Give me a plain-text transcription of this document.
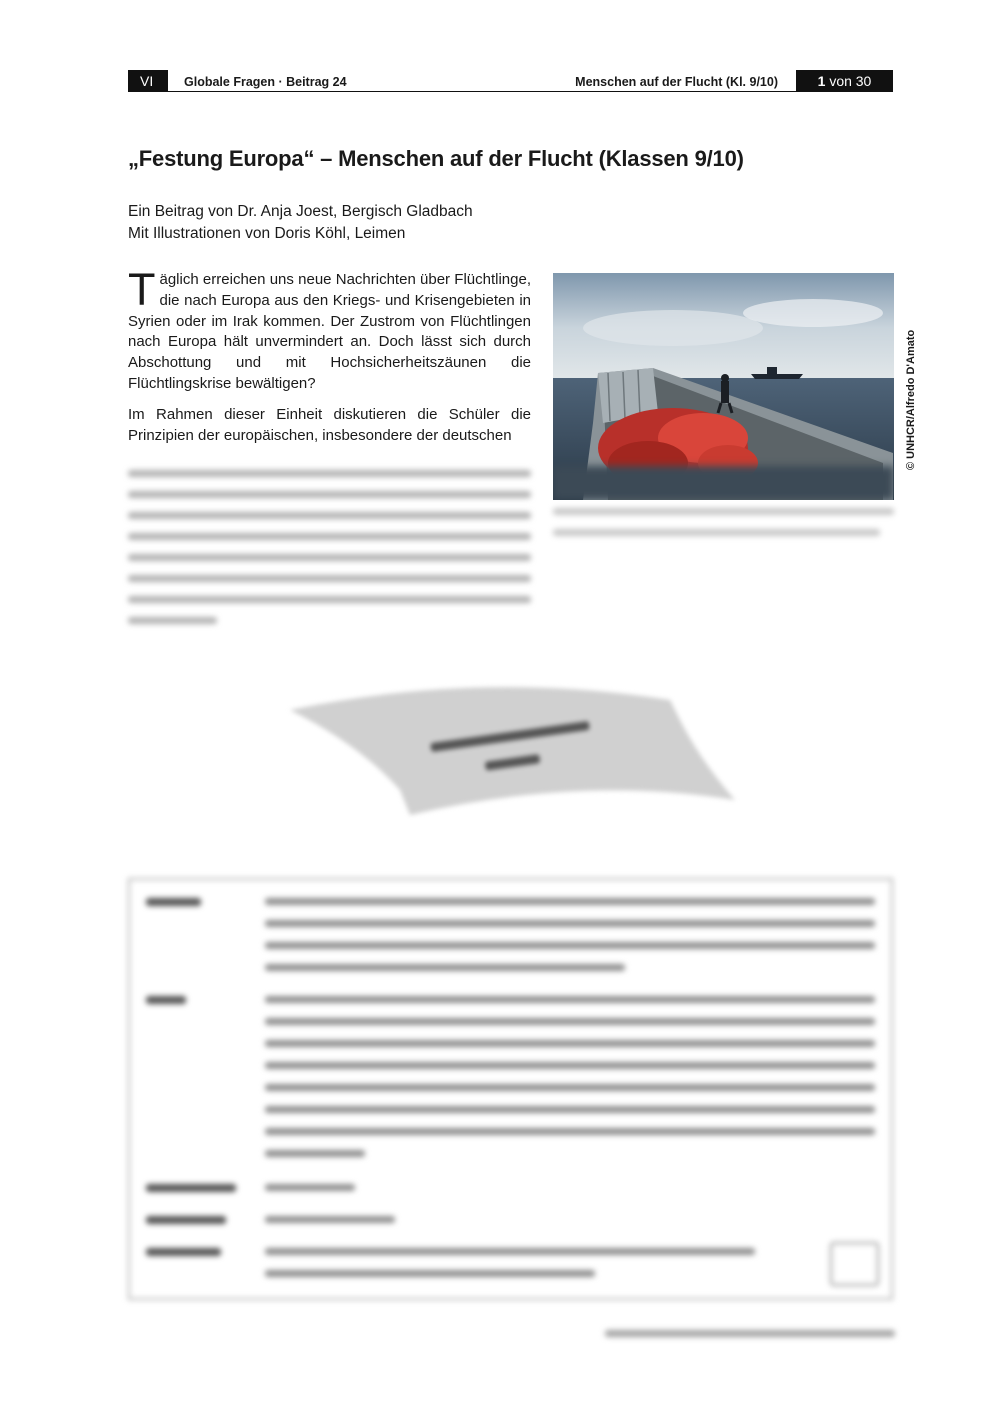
VI	Globale Fragen · Beitrag 24	Menschen auf der Flucht (Kl. 9/10)	1 von 30
„Festung Europa“ – Menschen auf der Flucht (Klassen 9/10)
Ein Beitrag von Dr. Anja Joest, Bergisch Gladbach
Mit Illustrationen von Doris Köhl, Leimen

T äglich erreichen uns neue Nachrichten über Flüchtlinge, die nach Europa aus den Kriegs- und Krisengebieten in Syrien oder im Irak kommen. Der Zustrom von Flüchtlingen nach Europa hält unvermindert an. Doch lässt sich durch Abschottung und mit Hochsicherheitszäunen die Flüchtlingskrise bewältigen?

Im Rahmen dieser Einheit diskutieren die Schüler die Prinzipien der europäischen, insbesondere der deutschen	© UNHCR/Alfredo D'Amato
